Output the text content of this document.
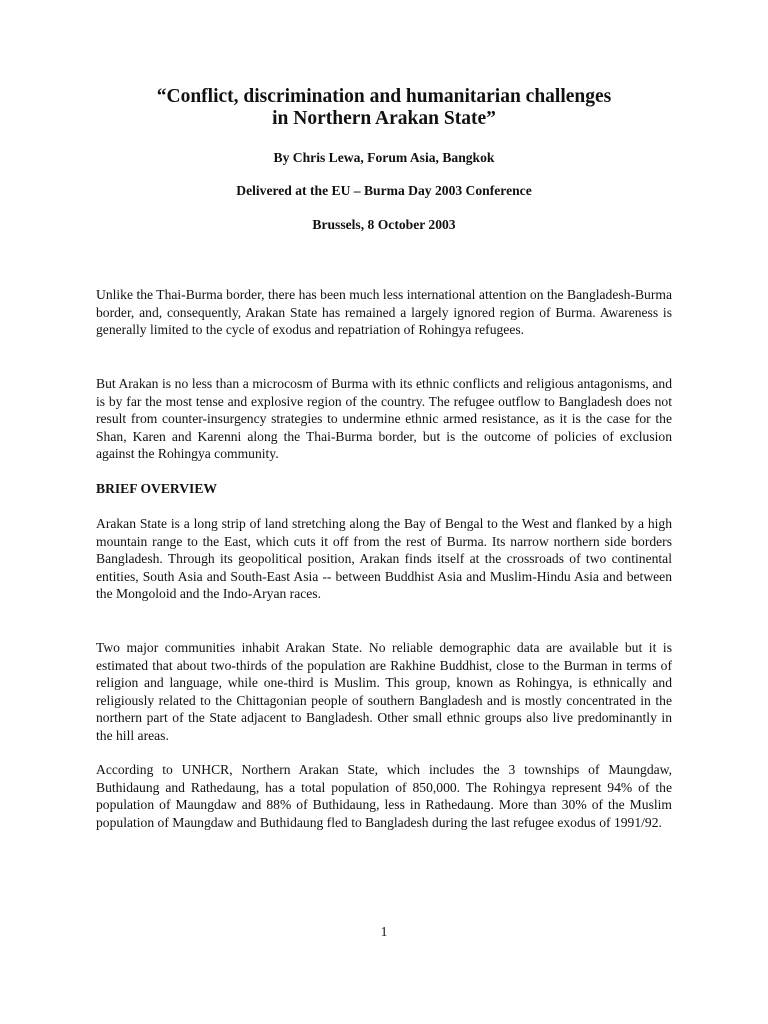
“Conflict, discrimination and humanitarian challenges
in Northern Arakan State”
By Chris Lewa, Forum Asia, Bangkok
Delivered at the EU – Burma Day 2003 Conference
Brussels, 8 October 2003

Unlike the Thai-Burma border, there has been much less international attention on the Bangladesh-Burma border, and, consequently, Arakan State has remained a largely ignored region of Burma. Awareness is generally limited to the cycle of exodus and repatriation of Rohingya refugees.

But Arakan is no less than a microcosm of Burma with its ethnic conflicts and religious antagonisms, and is by far the most tense and explosive region of the country. The refugee outflow to Bangladesh does not result from counter-insurgency strategies to undermine ethnic armed resistance, as it is the case for the Shan, Karen and Karenni along the Thai-Burma border, but is the outcome of policies of exclusion against the Rohingya community.

BRIEF OVERVIEW

Arakan State is a long strip of land stretching along the Bay of Bengal to the West and flanked by a high mountain range to the East, which cuts it off from the rest of Burma. Its narrow northern side borders Bangladesh. Through its geopolitical position, Arakan finds itself at the crossroads of two continental entities, South Asia and South-East Asia -- between Buddhist Asia and Muslim-Hindu Asia and between the Mongoloid and the Indo-Aryan races.

Two major communities inhabit Arakan State. No reliable demographic data are available but it is estimated that about two-thirds of the population are Rakhine Buddhist, close to the Burman in terms of religion and language, while one-third is Muslim. This group, known as Rohingya, is ethnically and religiously related to the Chittagonian people of southern Bangladesh and is mostly concentrated in the northern part of the State adjacent to Bangladesh. Other small ethnic groups also live predominantly in the hill areas.

According to UNHCR, Northern Arakan State, which includes the 3 townships of Maungdaw, Buthidaung and Rathedaung, has a total population of 850,000. The Rohingya represent 94% of the population of Maungdaw and 88% of Buthidaung, less in Rathedaung. More than 30% of the Muslim population of Maungdaw and Buthidaung fled to Bangladesh during the last refugee exodus of 1991/92.

1
